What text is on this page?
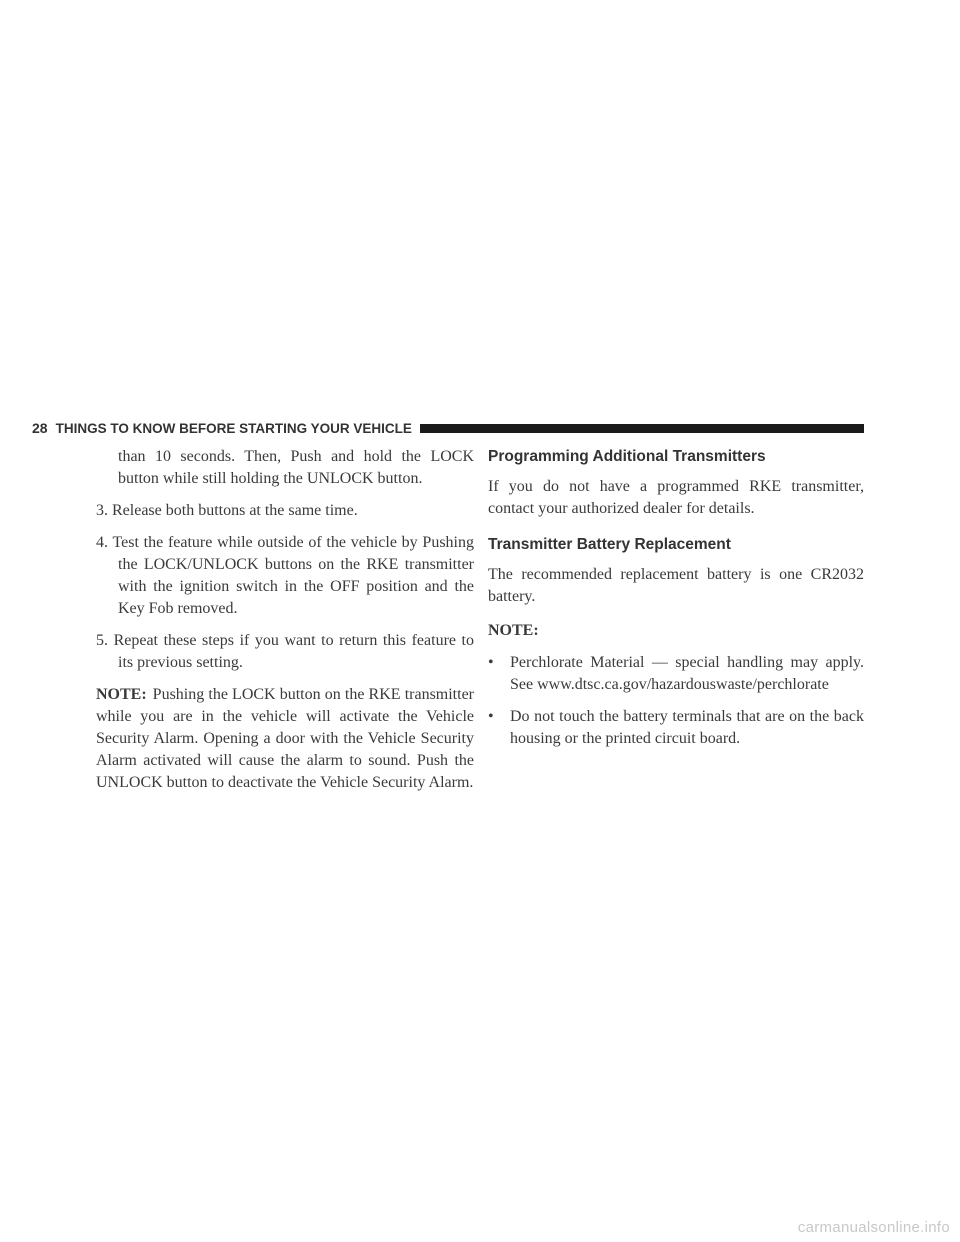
28 THINGS TO KNOW BEFORE STARTING YOUR VEHICLE

than 10 seconds. Then, Push and hold the LOCK button while still holding the UNLOCK button.

3. Release both buttons at the same time.

4. Test the feature while outside of the vehicle by Pushing the LOCK/UNLOCK buttons on the RKE transmitter with the ignition switch in the OFF position and the Key Fob removed.

5. Repeat these steps if you want to return this feature to its previous setting.

NOTE: Pushing the LOCK button on the RKE transmitter while you are in the vehicle will activate the Vehicle Security Alarm. Opening a door with the Vehicle Security Alarm activated will cause the alarm to sound. Push the UNLOCK button to deactivate the Vehicle Security Alarm.

Programming Additional Transmitters

If you do not have a programmed RKE transmitter, contact your authorized dealer for details.

Transmitter Battery Replacement

The recommended replacement battery is one CR2032 battery.

NOTE:

•	Perchlorate Material — special handling may apply. See www.dtsc.ca.gov/hazardouswaste/perchlorate
•	Do not touch the battery terminals that are on the back housing or the printed circuit board.
carmanualsonline.info
